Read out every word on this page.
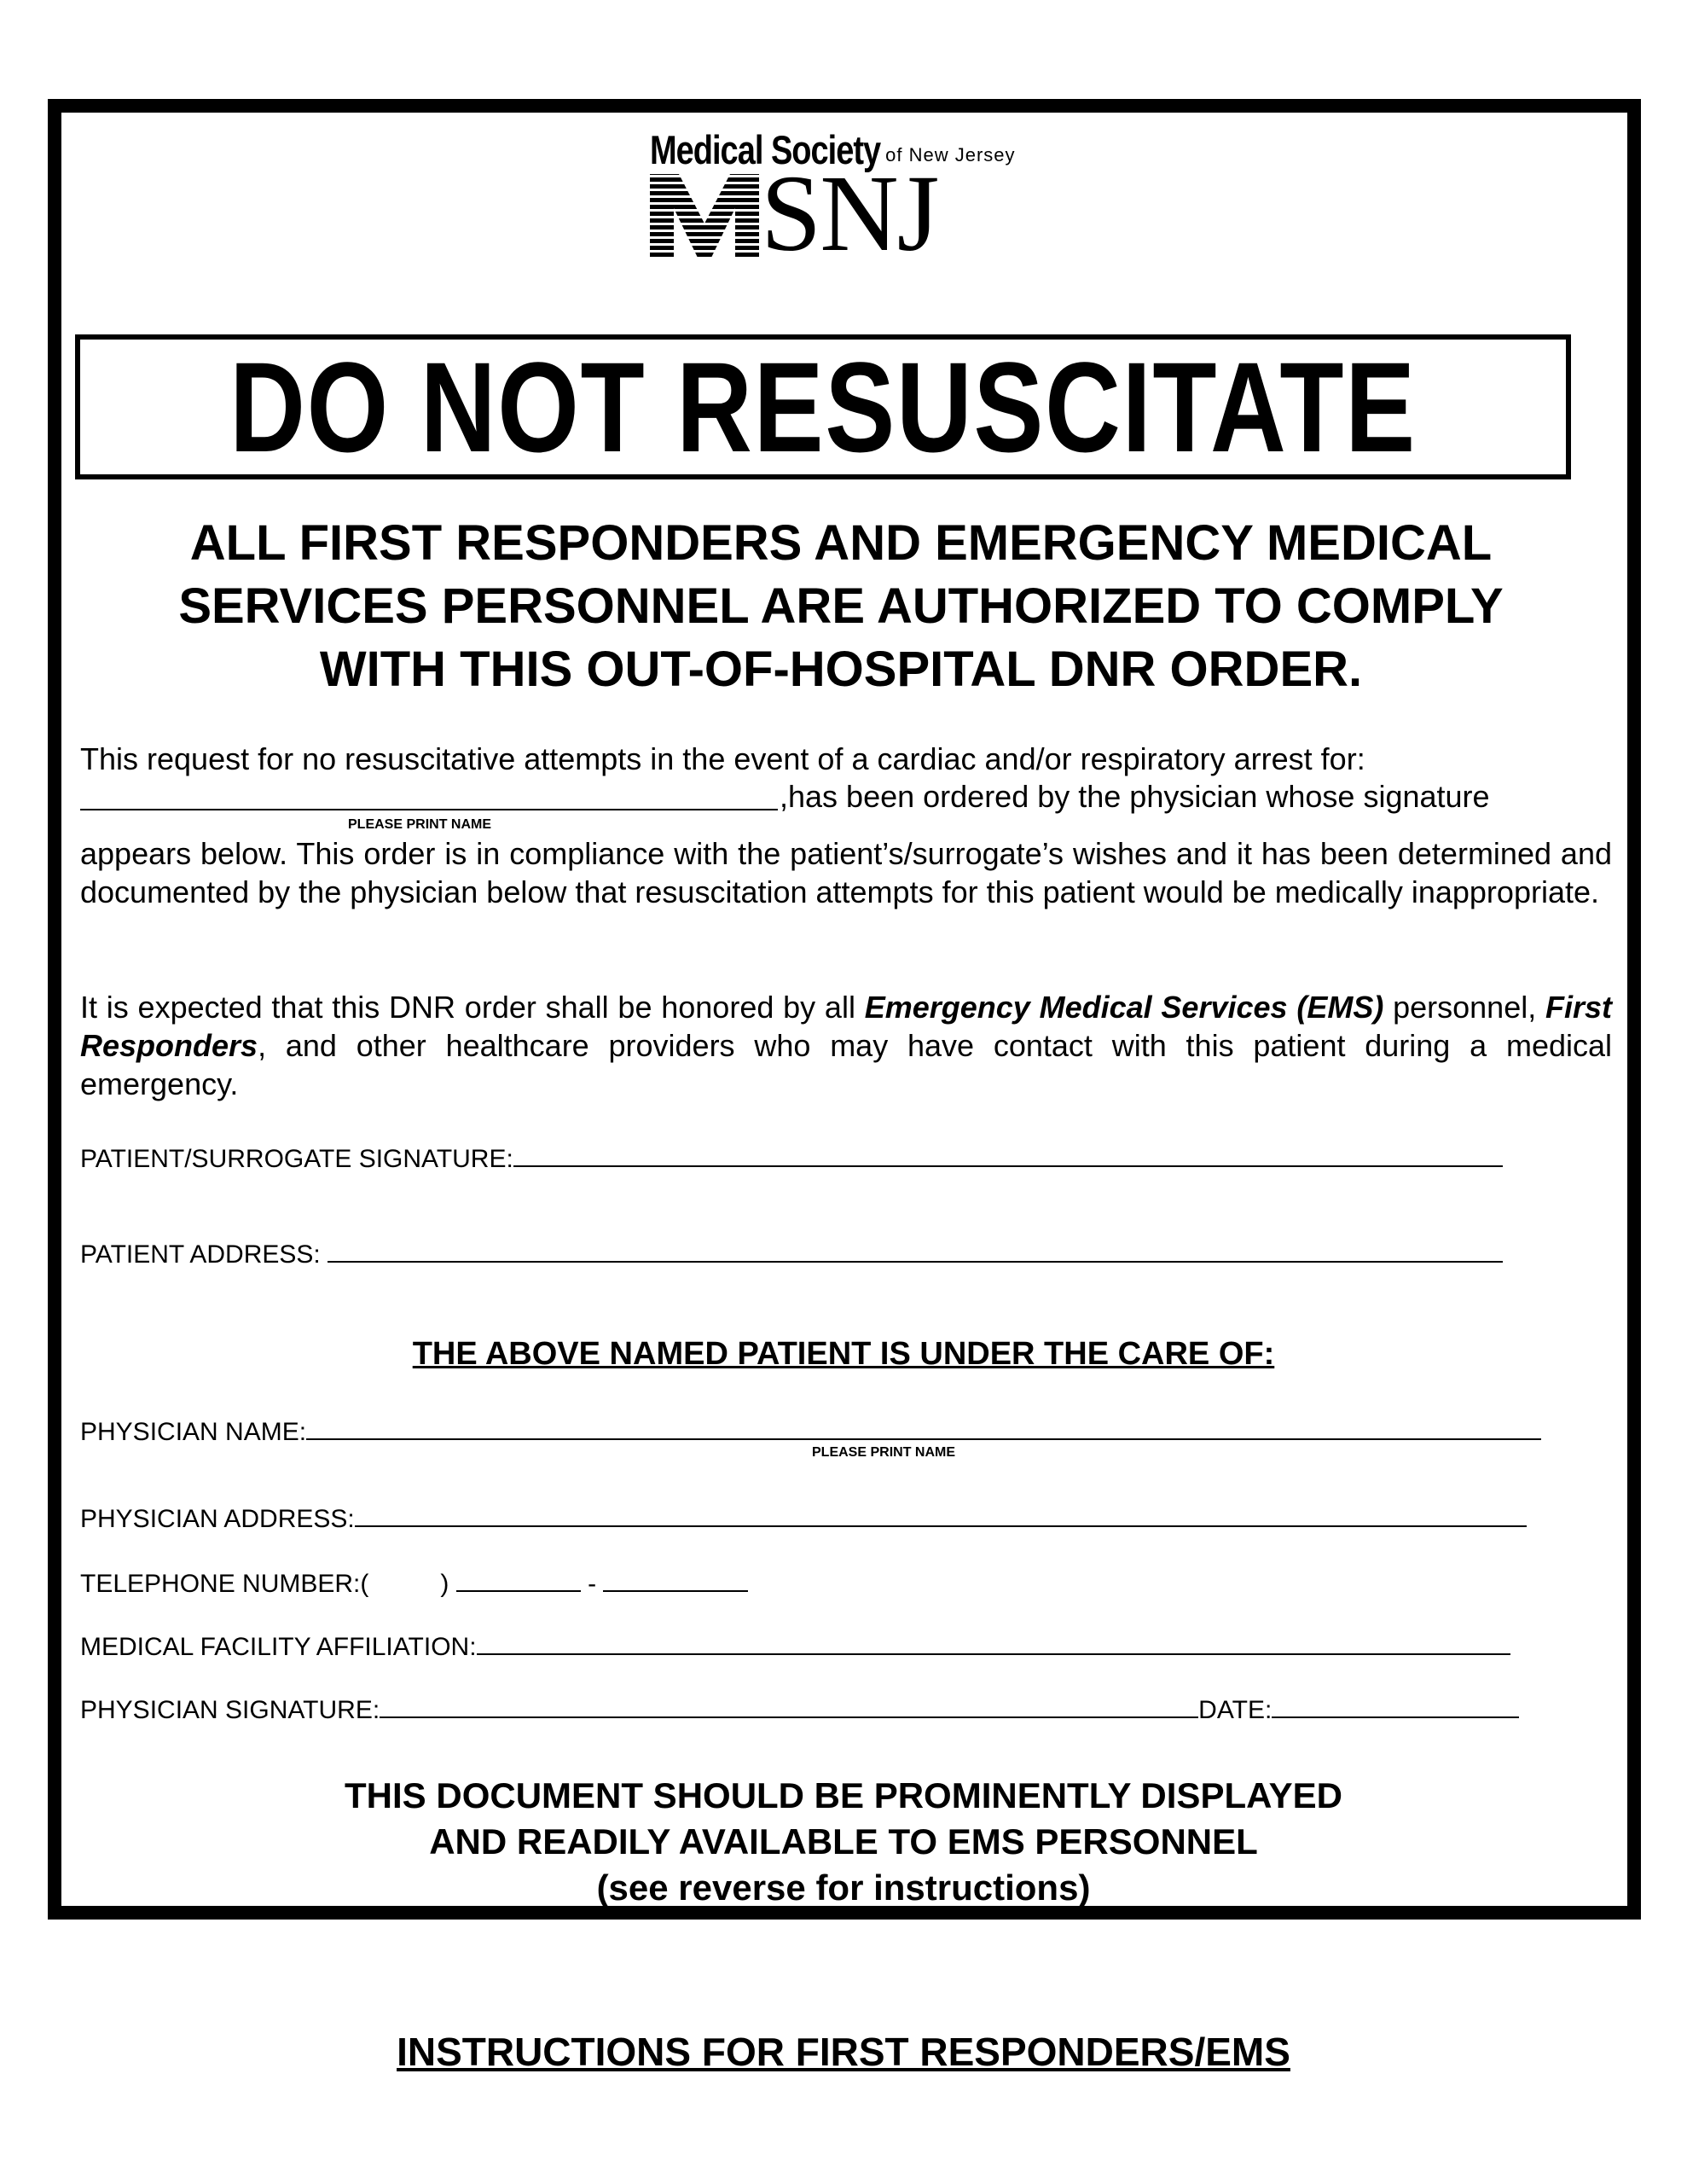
Medical Society of New Jersey
SNJ
DO NOT RESUSCITATE
ALL FIRST RESPONDERS AND EMERGENCY MEDICAL
SERVICES PERSONNEL ARE AUTHORIZED TO COMPLY
WITH THIS OUT-OF-HOSPITAL DNR ORDER.
This request for no resuscitative attempts in the event of a cardiac and/or respiratory arrest for:
,has been ordered by the physician whose signature
PLEASE PRINT NAME
appears below. This order is in compliance with the patient’s/surrogate’s wishes and it has been determined and documented by the physician below that resuscitation attempts for this patient would be medically inappropriate.
It is expected that this DNR order shall be honored by all Emergency Medical Services (EMS) personnel, First Responders, and other healthcare providers who may have contact with this patient during a medical emergency.
PATIENT/SURROGATE SIGNATURE:
PATIENT ADDRESS:
THE ABOVE NAMED PATIENT IS UNDER THE CARE OF:
PHYSICIAN NAME:
PLEASE PRINT NAME
PHYSICIAN ADDRESS:
TELEPHONE NUMBER:(	)	-
MEDICAL FACILITY AFFILIATION:
PHYSICIAN SIGNATURE:	DATE:
THIS DOCUMENT SHOULD BE PROMINENTLY DISPLAYED
AND READILY AVAILABLE TO EMS PERSONNEL
(see reverse for instructions)
INSTRUCTIONS FOR FIRST RESPONDERS/EMS
